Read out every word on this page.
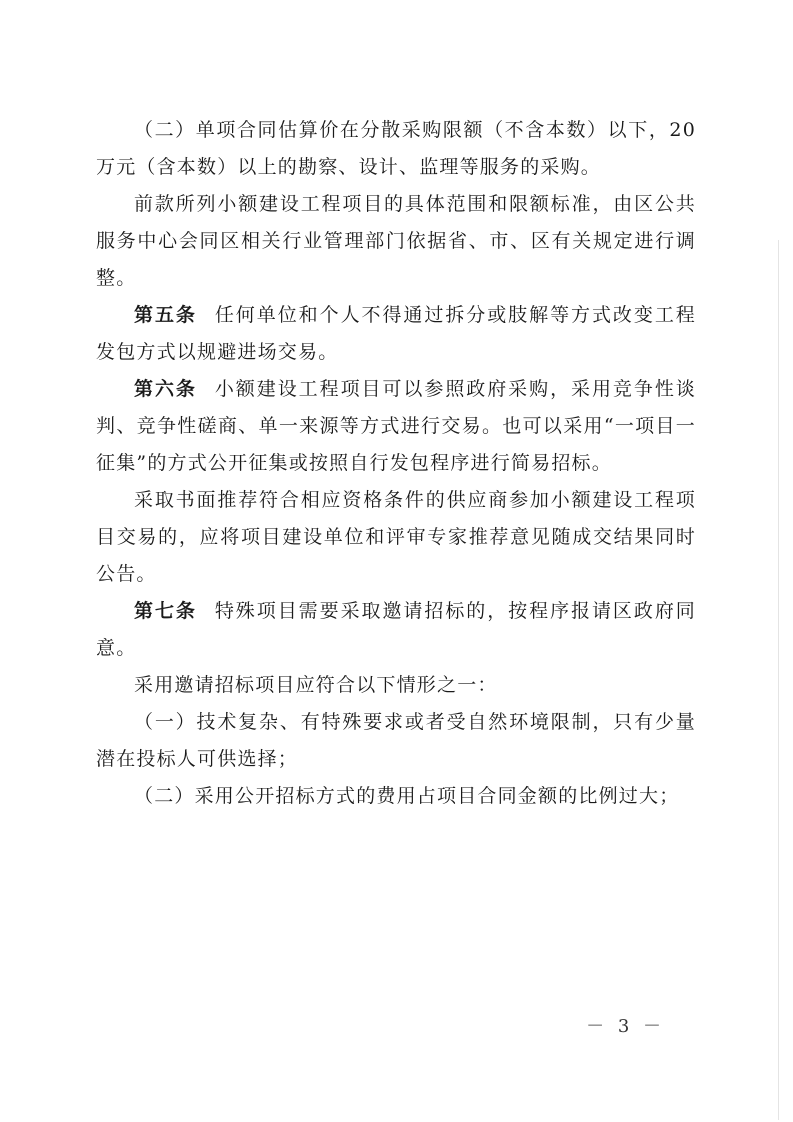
（二）单项合同估算价在分散采购限额（不含本数）以下，20万元（含本数）以上的勘察、设计、监理等服务的采购。

前款所列小额建设工程项目的具体范围和限额标准，由区公共服务中心会同区相关行业管理部门依据省、市、区有关规定进行调整。

第五条 任何单位和个人不得通过拆分或肢解等方式改变工程发包方式以规避进场交易。

第六条 小额建设工程项目可以参照政府采购，采用竞争性谈判、竞争性磋商、单一来源等方式进行交易。也可以采用“一项目一征集”的方式公开征集或按照自行发包程序进行简易招标。

采取书面推荐符合相应资格条件的供应商参加小额建设工程项目交易的，应将项目建设单位和评审专家推荐意见随成交结果同时公告。

第七条 特殊项目需要采取邀请招标的，按程序报请区政府同意。

采用邀请招标项目应符合以下情形之一：

（一）技术复杂、有特殊要求或者受自然环境限制，只有少量潜在投标人可供选择；

（二）采用公开招标方式的费用占项目合同金额的比例过大；

－ 3 －
